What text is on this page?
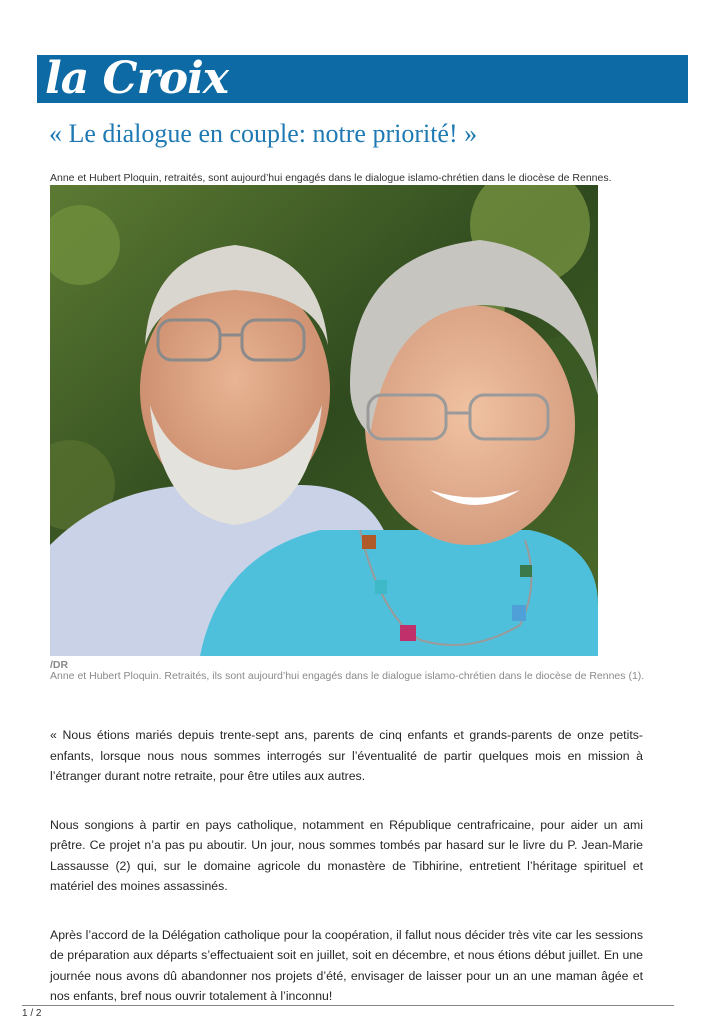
la Croix
« Le dialogue en couple: notre priorité! »
Anne et Hubert Ploquin, retraités, sont aujourd’hui engagés dans le dialogue islamo-chrétien dans le diocèse de Rennes.
/DR
Anne et Hubert Ploquin. Retraités, ils sont aujourd’hui engagés dans le dialogue islamo-chrétien dans le diocèse de Rennes (1).

« Nous étions mariés depuis trente-sept ans, parents de cinq enfants et grands-parents de onze petits-enfants, lorsque nous nous sommes interrogés sur l’éventualité de partir quelques mois en mission à l’étranger durant notre retraite, pour être utiles aux autres.

Nous songions à partir en pays catholique, notamment en République centrafricaine, pour aider un ami prêtre. Ce projet n’a pas pu aboutir. Un jour, nous sommes tombés par hasard sur le livre du P. Jean-Marie Lassausse (2) qui, sur le domaine agricole du monastère de Tibhirine, entretient l’héritage spirituel et matériel des moines assassinés.

Après l’accord de la Délégation catholique pour la coopération, il fallut nous décider très vite car les sessions de préparation aux départs s’effectuaient soit en juillet, soit en décembre, et nous étions début juillet. En une journée nous avons dû abandonner nos projets d’été, envisager de laisser pour un an une maman âgée et nos enfants, bref nous ouvrir totalement à l’inconnu!

1 / 2
